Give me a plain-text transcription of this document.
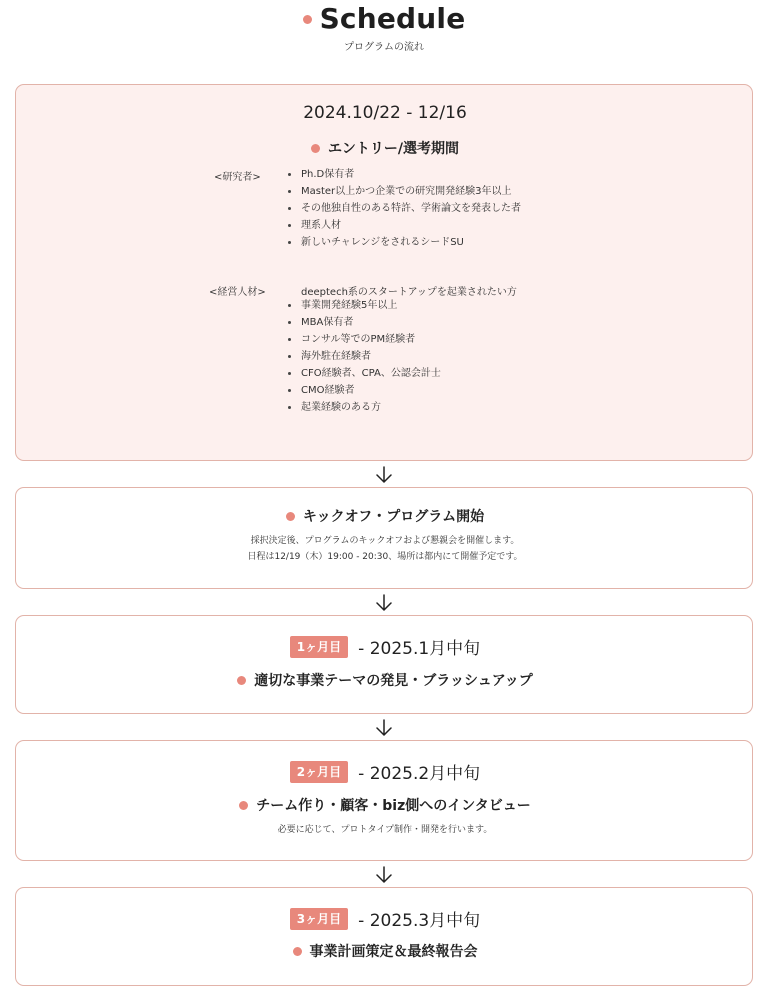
Schedule
プログラムの流れ
2024.10/22 - 12/16
エントリー/選考期間
<研究者>	Ph.D保有者
Master以上かつ企業での研究開発経験3年以上
その他独自性のある特許、学術論文を発表した者
理系人材
新しいチャレンジをされるシードSU
<経営人材>	deeptech系のスタートアップを起業されたい方
事業開発経験5年以上
MBA保有者
コンサル等でのPM経験者
海外駐在経験者
CFO経験者、CPA、公認会計士
CMO経験者
起業経験のある方
キックオフ・プログラム開始
採択決定後、プログラムのキックオフおよび懇親会を開催します。
日程は12/19（木）19:00 - 20:30、場所は都内にて開催予定です。
1ヶ月目	- 2025.1月中旬
適切な事業テーマの発見・ブラッシュアップ
2ヶ月目	- 2025.2月中旬
チーム作り・顧客・biz側へのインタビュー
必要に応じて、プロトタイプ制作・開発を行います。
3ヶ月目	- 2025.3月中旬
事業計画策定＆最終報告会
